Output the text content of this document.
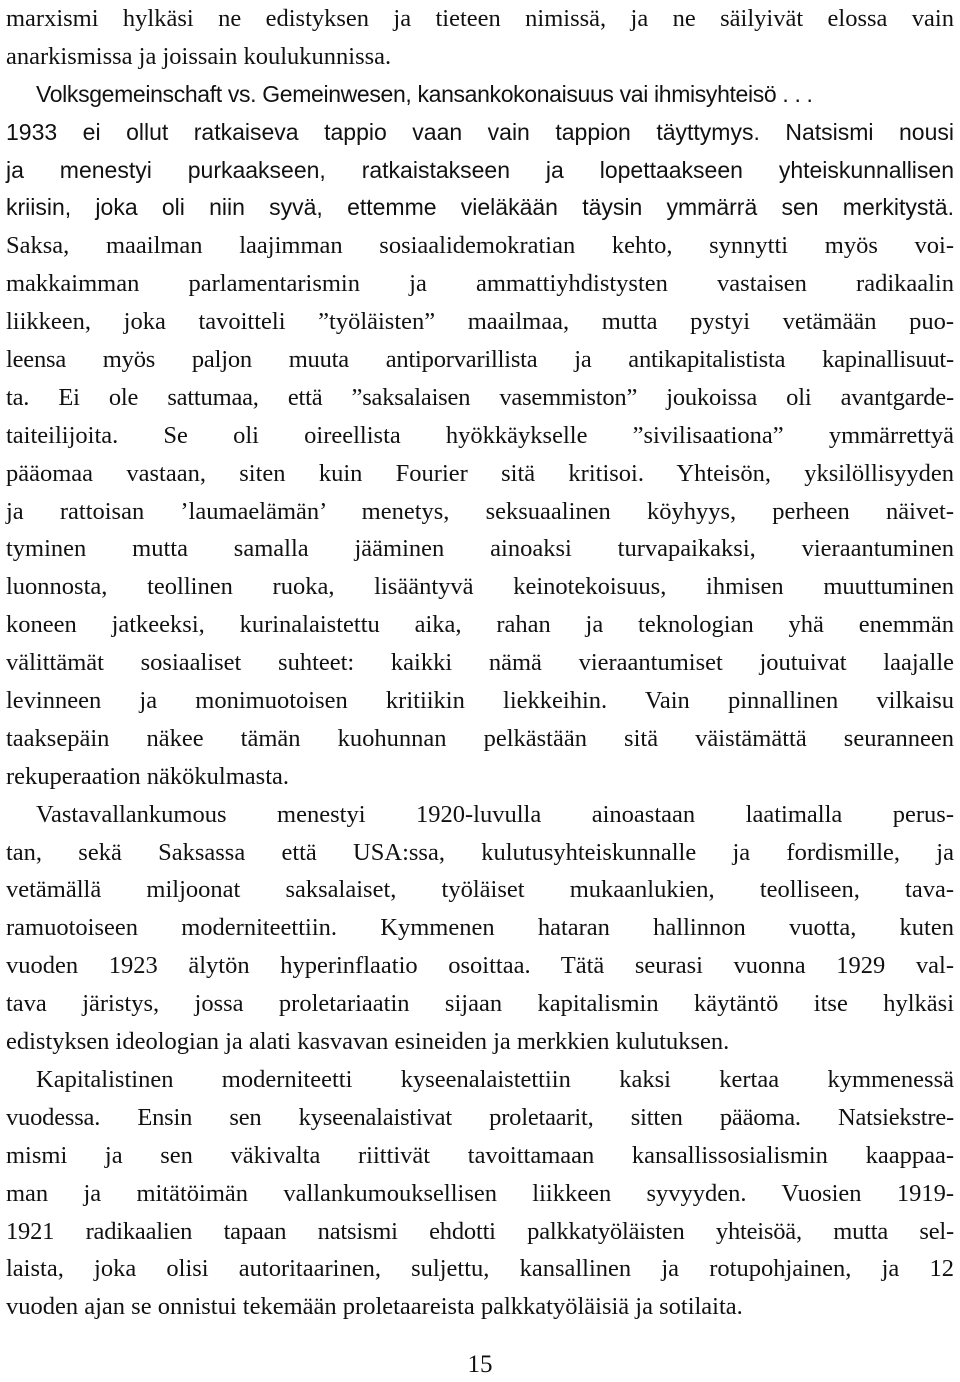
marxismi hylkäsi ne edistyksen ja tieteen nimissä, ja ne säilyivät elossa vain
anarkismissa ja joissain koulukunnissa.
Volksgemeinschaft vs. Gemeinwesen, kansankokonaisuus vai ihmisyhteisö . . .
1933 ei ollut ratkaiseva tappio vaan vain tappion täyttymys. Natsismi nousi
ja menestyi purkaakseen, ratkaistakseen ja lopettaakseen yhteiskunnallisen
kriisin, joka oli niin syvä, ettemme vieläkään täysin ymmärrä sen merkitystä.
Saksa, maailman laajimman sosiaalidemokratian kehto, synnytti myös voi-
makkaimman parlamentarismin ja ammattiyhdistysten vastaisen radikaalin
liikkeen, joka tavoitteli ”työläisten” maailmaa, mutta pystyi vetämään puo-
leensa myös paljon muuta antiporvarillista ja antikapitalistista kapinallisuut-
ta. Ei ole sattumaa, että ”saksalaisen vasemmiston” joukoissa oli avantgarde-
taiteilijoita. Se oli oireellista hyökkäykselle ”sivilisaationa” ymmärrettyä
pääomaa vastaan, siten kuin Fourier sitä kritisoi. Yhteisön, yksilöllisyyden
ja rattoisan ’laumaelämän’ menetys, seksuaalinen köyhyys, perheen näivet-
tyminen mutta samalla jääminen ainoaksi turvapaikaksi, vieraantuminen
luonnosta, teollinen ruoka, lisääntyvä keinotekoisuus, ihmisen muuttuminen
koneen jatkeeksi, kurinalaistettu aika, rahan ja teknologian yhä enemmän
välittämät sosiaaliset suhteet: kaikki nämä vieraantumiset joutuivat laajalle
levinneen ja monimuotoisen kritiikin liekkeihin. Vain pinnallinen vilkaisu
taaksepäin näkee tämän kuohunnan pelkästään sitä väistämättä seuranneen
rekuperaation näkökulmasta.
Vastavallankumous menestyi 1920-luvulla ainoastaan laatimalla perus-
tan, sekä Saksassa että USA:ssa, kulutusyhteiskunnalle ja fordismille, ja
vetämällä miljoonat saksalaiset, työläiset mukaanlukien, teolliseen, tava-
ramuotoiseen moderniteettiin. Kymmenen hataran hallinnon vuotta, kuten
vuoden 1923 älytön hyperinflaatio osoittaa. Tätä seurasi vuonna 1929 val-
tava järistys, jossa proletariaatin sijaan kapitalismin käytäntö itse hylkäsi
edistyksen ideologian ja alati kasvavan esineiden ja merkkien kulutuksen.
Kapitalistinen moderniteetti kyseenalaistettiin kaksi kertaa kymmenessä
vuodessa. Ensin sen kyseenalaistivat proletaarit, sitten pääoma. Natsiekstre-
mismi ja sen väkivalta riittivät tavoittamaan kansallissosialismin kaappaa-
man ja mitätöimän vallankumouksellisen liikkeen syvyyden. Vuosien 1919-
1921 radikaalien tapaan natsismi ehdotti palkkatyöläisten yhteisöä, mutta sel-
laista, joka olisi autoritaarinen, suljettu, kansallinen ja rotupohjainen, ja 12
vuoden ajan se onnistui tekemään proletaareista palkkatyöläisiä ja sotilaita.
15
